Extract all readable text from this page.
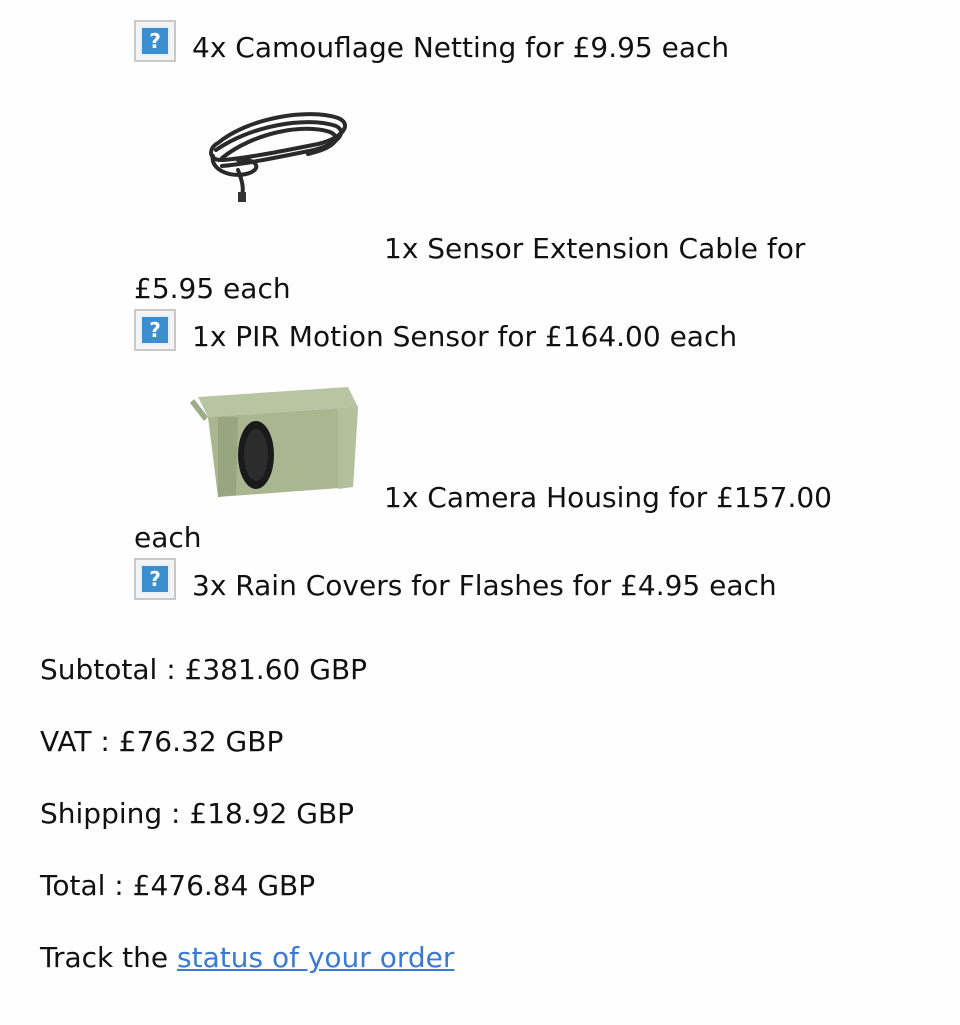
?	4x Camouflage Netting for £9.95 each
1x Sensor Extension Cable for £5.95 each
?	1x PIR Motion Sensor for £164.00 each
1x Camera Housing for £157.00 each
?	3x Rain Covers for Flashes for £4.95 each
Subtotal : £381.60 GBP
VAT : £76.32 GBP
Shipping : £18.92 GBP
Total : £476.84 GBP
Track the status of your order
